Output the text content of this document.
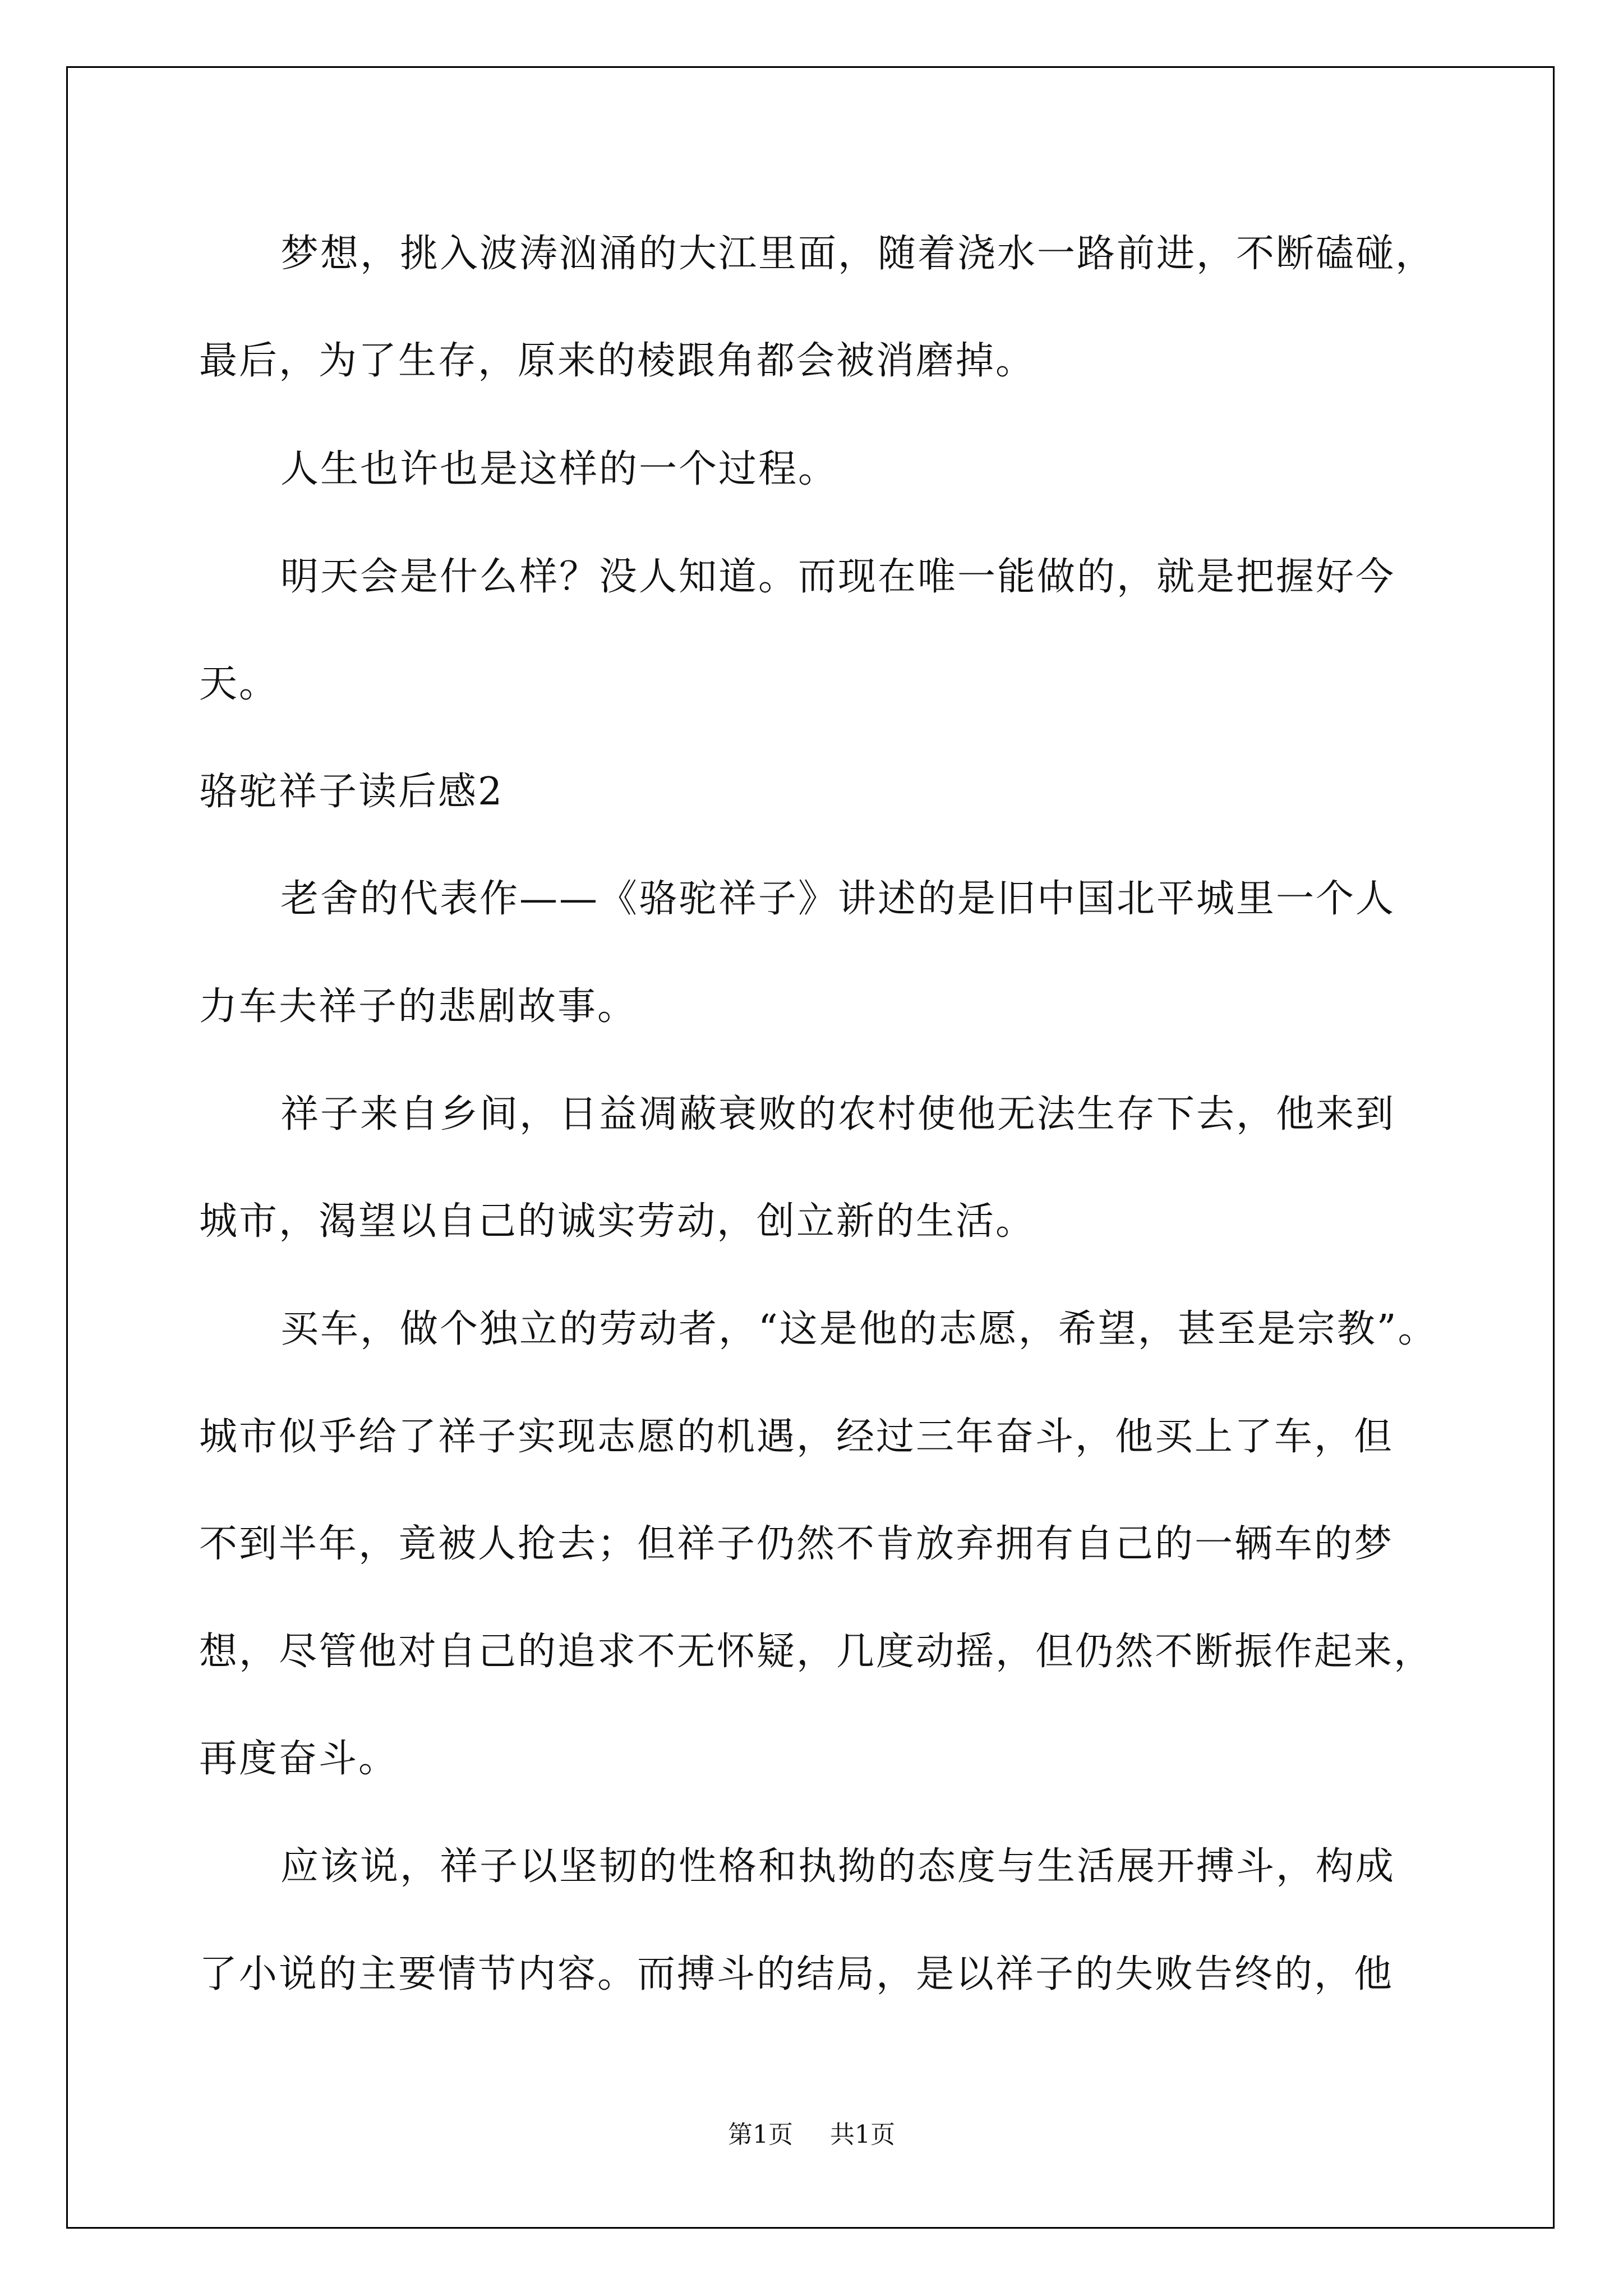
梦想，挑入波涛汹涌的大江里面，随着浇水一路前进，不断磕碰，

最后，为了生存，原来的棱跟角都会被消磨掉。

人生也许也是这样的一个过程。

明天会是什么样？没人知道。而现在唯一能做的，就是把握好今

天。

骆驼祥子读后感2

老舍的代表作——《骆驼祥子》讲述的是旧中国北平城里一个人

力车夫祥子的悲剧故事。

祥子来自乡间，日益凋蔽衰败的农村使他无法生存下去，他来到

城市，渴望以自己的诚实劳动，创立新的生活。

买车，做个独立的劳动者，“这是他的志愿，希望，甚至是宗教”。

城市似乎给了祥子实现志愿的机遇，经过三年奋斗，他买上了车，但

不到半年，竟被人抢去；但祥子仍然不肯放弃拥有自己的一辆车的梦

想，尽管他对自己的追求不无怀疑，几度动摇，但仍然不断振作起来，

再度奋斗。

应该说，祥子以坚韧的性格和执拗的态度与生活展开搏斗，构成

了小说的主要情节内容。而搏斗的结局，是以祥子的失败告终的，他

第1页 共1页
